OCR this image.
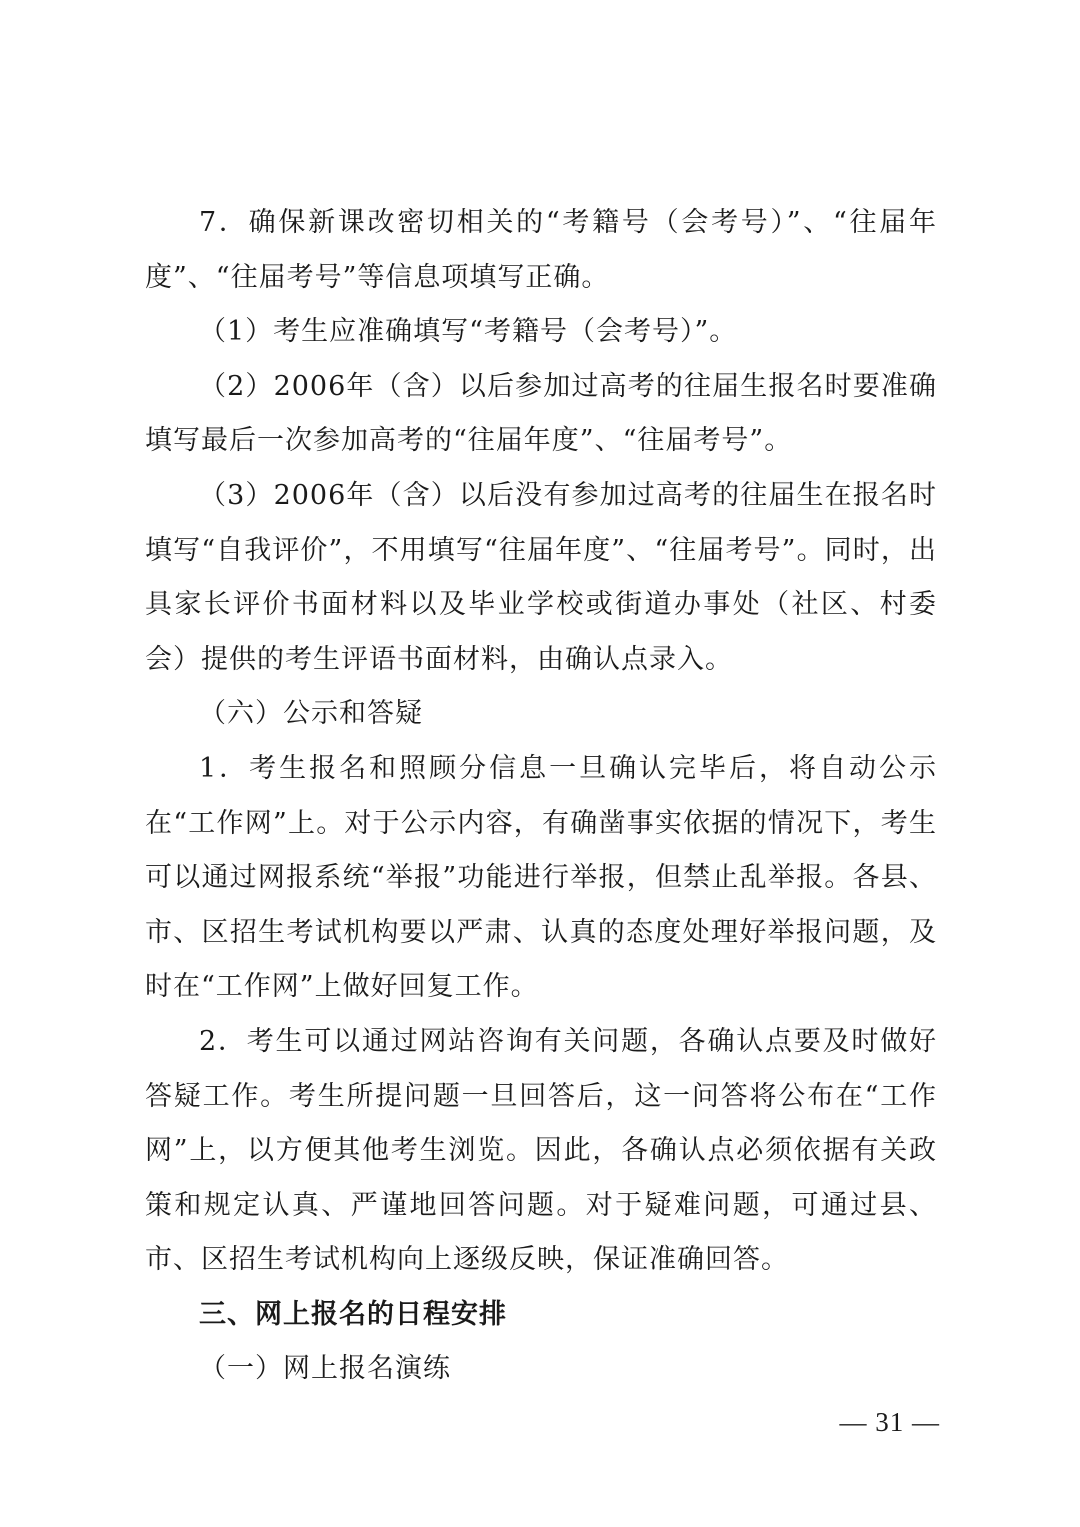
7．确保新课改密切相关的“考籍号（会考号）”、“往届年度”、“往届考号”等信息项填写正确。

（1）考生应准确填写“考籍号（会考号）”。

（2）2006年（含）以后参加过高考的往届生报名时要准确填写最后一次参加高考的“往届年度”、“往届考号”。

（3）2006年（含）以后没有参加过高考的往届生在报名时填写“自我评价”，不用填写“往届年度”、“往届考号”。同时，出具家长评价书面材料以及毕业学校或街道办事处（社区、村委会）提供的考生评语书面材料，由确认点录入。

（六）公示和答疑

1．考生报名和照顾分信息一旦确认完毕后，将自动公示在“工作网”上。对于公示内容，有确凿事实依据的情况下，考生可以通过网报系统“举报”功能进行举报，但禁止乱举报。各县、市、区招生考试机构要以严肃、认真的态度处理好举报问题，及时在“工作网”上做好回复工作。

2．考生可以通过网站咨询有关问题，各确认点要及时做好答疑工作。考生所提问题一旦回答后，这一问答将公布在“工作网”上，以方便其他考生浏览。因此，各确认点必须依据有关政策和规定认真、严谨地回答问题。对于疑难问题，可通过县、市、区招生考试机构向上逐级反映，保证准确回答。

三、网上报名的日程安排

（一）网上报名演练

— 31 —
